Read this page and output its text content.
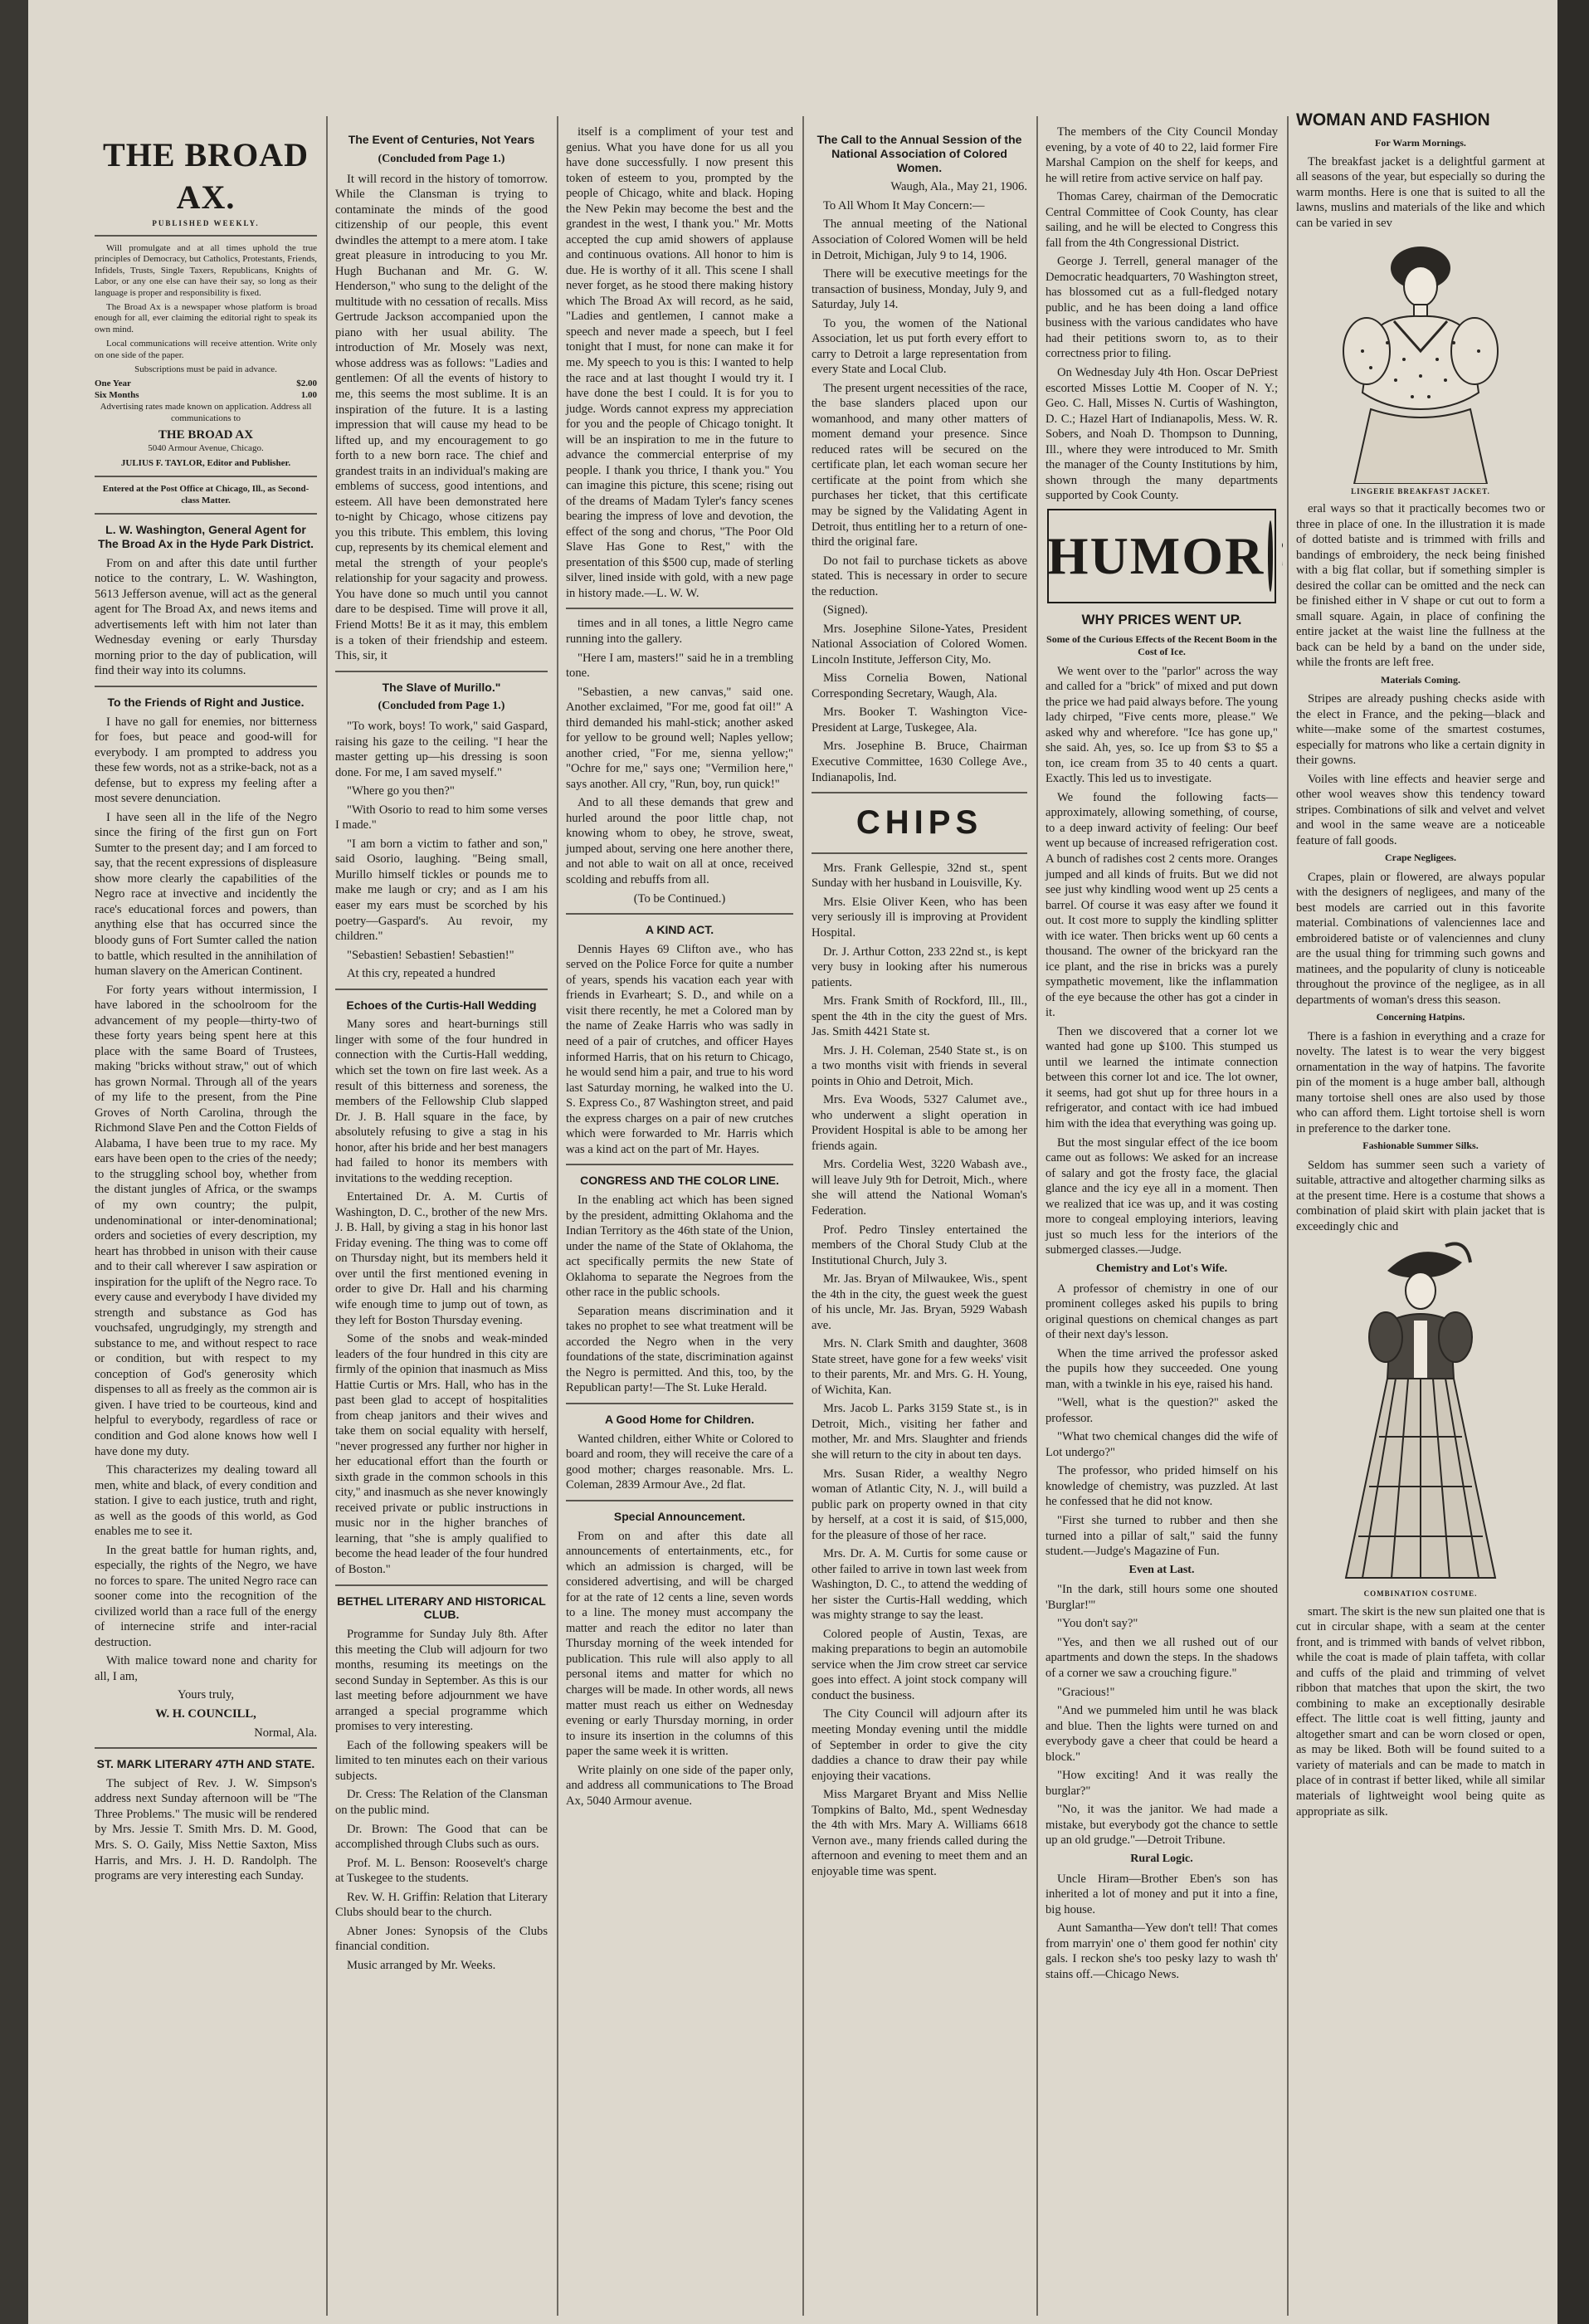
THE BROAD AX.
PUBLISHED WEEKLY.

Will promulgate and at all times uphold the true principles of Democracy, but Catholics, Protestants, Friends, Infidels, Trusts, Single Taxers, Republicans, Knights of Labor, or any one else can have their say, so long as their language is proper and responsibility is fixed.

The Broad Ax is a newspaper whose platform is broad enough for all, ever claiming the editorial right to speak its own mind.

Local communications will receive attention. Write only on one side of the paper.

Subscriptions must be paid in advance.

One Year	$2.00
Six Months	1.00

Advertising rates made known on application. Address all communications to

THE BROAD AX
5040 Armour Avenue, Chicago.
JULIUS F. TAYLOR, Editor and Publisher.
Entered at the Post Office at Chicago, Ill., as Second-class Matter.
L. W. Washington, General Agent for The Broad Ax in the Hyde Park District.

From on and after this date until further notice to the contrary, L. W. Washington, 5613 Jefferson avenue, will act as the general agent for The Broad Ax, and news items and advertisements left with him not later than Wednesday evening or early Thursday morning prior to the day of publication, will find their way into its columns.

To the Friends of Right and Justice.

I have no gall for enemies, nor bitterness for foes, but peace and good-will for everybody. I am prompted to address you these few words, not as a strike-back, not as a defense, but to express my feeling after a most severe denunciation.

I have seen all in the life of the Negro since the firing of the first gun on Fort Sumter to the present day; and I am forced to say, that the recent expressions of displeasure show more clearly the capabilities of the Negro race at invective and incidently the race's educational forces and powers, than anything else that has occurred since the bloody guns of Fort Sumter called the nation to battle, which resulted in the annihilation of human slavery on the American Continent.

For forty years without intermission, I have labored in the schoolroom for the advancement of my people—thirty-two of these forty years being spent here at this place with the same Board of Trustees, making "bricks without straw," out of which has grown Normal. Through all of the years of my life to the present, from the Pine Groves of North Carolina, through the Richmond Slave Pen and the Cotton Fields of Alabama, I have been true to my race. My ears have been open to the cries of the needy; to the struggling school boy, whether from the distant jungles of Africa, or the swamps of my own country; the pulpit, undenominational or inter-denominational; orders and societies of every description, my heart has throbbed in unison with their cause and to their call wherever I saw aspiration or inspiration for the uplift of the Negro race. To every cause and everybody I have divided my strength and substance as God has vouchsafed, ungrudgingly, my strength and substance to me, and without respect to race or condition, but with respect to my conception of God's generosity which dispenses to all as freely as the common air is given. I have tried to be courteous, kind and helpful to everybody, regardless of race or condition and God alone knows how well I have done my duty.

This characterizes my dealing toward all men, white and black, of every condition and station. I give to each justice, truth and right, as well as the goods of this world, as God enables me to see it.

In the great battle for human rights, and, especially, the rights of the Negro, we have no forces to spare. The united Negro race can sooner come into the recognition of the civilized world than a race full of the energy of internecine strife and inter-racial destruction.

With malice toward none and charity for all, I am,

Yours truly,

W. H. COUNCILL,

Normal, Ala.

ST. MARK LITERARY 47TH AND STATE.

The subject of Rev. J. W. Simpson's address next Sunday afternoon will be "The Three Problems." The music will be rendered by Mrs. Jessie T. Smith Mrs. D. M. Good, Mrs. S. O. Gaily, Miss Nettie Saxton, Miss Harris, and Mrs. J. H. D. Randolph. The programs are very interesting each Sunday.

The Event of Centuries, Not Years
(Concluded from Page 1.)

It will record in the history of tomorrow. While the Clansman is trying to contaminate the minds of the good citizenship of our people, this event dwindles the attempt to a mere atom. I take great pleasure in introducing to you Mr. Hugh Buchanan and Mr. G. W. Henderson," who sung to the delight of the multitude with no cessation of recalls. Miss Gertrude Jackson accompanied upon the piano with her usual ability. The introduction of Mr. Mosely was next, whose address was as follows: "Ladies and gentlemen: Of all the events of history to me, this seems the most sublime. It is an inspiration of the future. It is a lasting impression that will cause my head to be lifted up, and my encouragement to go forth to a new born race. The chief and grandest traits in an individual's making are emblems of success, good intentions, and esteem. All have been demonstrated here to-night by Chicago, whose citizens pay you this tribute. This emblem, this loving cup, represents by its chemical element and metal the strength of your people's relationship for your sagacity and prowess. You have done so much until you cannot dare to be despised. Time will prove it all, Friend Motts! Be it as it may, this emblem is a token of their friendship and esteem. This, sir, it

The Slave of Murillo."
(Concluded from Page 1.)

"To work, boys! To work," said Gaspard, raising his gaze to the ceiling. "I hear the master getting up—his dressing is soon done. For me, I am saved myself."

"Where go you then?"

"With Osorio to read to him some verses I made."

"I am born a victim to father and son," said Osorio, laughing. "Being small, Murillo himself tickles or pounds me to make me laugh or cry; and as I am his easer my ears must be scorched by his poetry—Gaspard's. Au revoir, my children."

"Sebastien! Sebastien! Sebastien!"

At this cry, repeated a hundred

Echoes of the Curtis-Hall Wedding

Many sores and heart-burnings still linger with some of the four hundred in connection with the Curtis-Hall wedding, which set the town on fire last week. As a result of this bitterness and soreness, the members of the Fellowship Club slapped Dr. J. B. Hall square in the face, by absolutely refusing to give a stag in his honor, after his bride and her best managers had failed to honor its members with invitations to the wedding reception.

Entertained Dr. A. M. Curtis of Washington, D. C., brother of the new Mrs. J. B. Hall, by giving a stag in his honor last Friday evening. The thing was to come off on Thursday night, but its members held it over until the first mentioned evening in order to give Dr. Hall and his charming wife enough time to jump out of town, as they left for Boston Thursday evening.

Some of the snobs and weak-minded leaders of the four hundred in this city are firmly of the opinion that inasmuch as Miss Hattie Curtis or Mrs. Hall, who has in the past been glad to accept of hospitalities from cheap janitors and their wives and take them on social equality with herself, "never progressed any further nor higher in her educational effort than the fourth or sixth grade in the common schools in this city," and inasmuch as she never knowingly received private or public instructions in music nor in the higher branches of learning, that "she is amply qualified to become the head leader of the four hundred of Boston."

BETHEL LITERARY AND HISTORICAL CLUB.

Programme for Sunday July 8th. After this meeting the Club will adjourn for two months, resuming its meetings on the second Sunday in September. As this is our last meeting before adjournment we have arranged a special programme which promises to very interesting.

Each of the following speakers will be limited to ten minutes each on their various subjects.

Dr. Cress: The Relation of the Clansman on the public mind.

Dr. Brown: The Good that can be accomplished through Clubs such as ours.

Prof. M. L. Benson: Roosevelt's charge at Tuskegee to the students.

Rev. W. H. Griffin: Relation that Literary Clubs should bear to the church.

Abner Jones: Synopsis of the Clubs financial condition.

Music arranged by Mr. Weeks.

itself is a compliment of your test and genius. What you have done for us all you have done successfully. I now present this token of esteem to you, prompted by the people of Chicago, white and black. Hoping the New Pekin may become the best and the grandest in the west, I thank you." Mr. Motts accepted the cup amid showers of applause and continuous ovations. All honor to him is due. He is worthy of it all. This scene I shall never forget, as he stood there making history which The Broad Ax will record, as he said, "Ladies and gentlemen, I cannot make a speech and never made a speech, but I feel tonight that I must, for none can make it for me. My speech to you is this: I wanted to help the race and at last thought I would try it. I have done the best I could. It is for you to judge. Words cannot express my appreciation for you and the people of Chicago tonight. It will be an inspiration to me in the future to advance the commercial enterprise of my people. I thank you thrice, I thank you." You can imagine this picture, this scene; rising out of the dreams of Madam Tyler's fancy scenes bearing the impress of love and devotion, the effect of the song and chorus, "The Poor Old Slave Has Gone to Rest," with the presentation of this $500 cup, made of sterling silver, lined inside with gold, with a new page in history made.—L. W. W.

times and in all tones, a little Negro came running into the gallery.

"Here I am, masters!" said he in a trembling tone.

"Sebastien, a new canvas," said one. Another exclaimed, "For me, good fat oil!" A third demanded his mahl-stick; another asked for yellow to be ground well; Naples yellow; another cried, "For me, sienna yellow;" "Ochre for me," says one; "Vermilion here," says another. All cry, "Run, boy, run quick!"

And to all these demands that grew and hurled around the poor little chap, not knowing whom to obey, he strove, sweat, jumped about, serving one here another there, and not able to wait on all at once, received scolding and rebuffs from all.

(To be Continued.)

A KIND ACT.

Dennis Hayes 69 Clifton ave., who has served on the Police Force for quite a number of years, spends his vacation each year with friends in Evarheart; S. D., and while on a visit there recently, he met a Colored man by the name of Zeake Harris who was sadly in need of a pair of crutches, and officer Hayes informed Harris, that on his return to Chicago, he would send him a pair, and true to his word last Saturday morning, he walked into the U. S. Express Co., 87 Washington street, and paid the express charges on a pair of new crutches which were forwarded to Mr. Harris which was a kind act on the part of Mr. Hayes.

CONGRESS AND THE COLOR LINE.

In the enabling act which has been signed by the president, admitting Oklahoma and the Indian Territory as the 46th state of the Union, under the name of the State of Oklahoma, the act specifically permits the new State of Oklahoma to separate the Negroes from the other race in the public schools.

Separation means discrimination and it takes no prophet to see what treatment will be accorded the Negro when in the very foundations of the state, discrimination against the Negro is permitted. And this, too, by the Republican party!—The St. Luke Herald.

A Good Home for Children.

Wanted children, either White or Colored to board and room, they will receive the care of a good mother; charges reasonable. Mrs. L. Coleman, 2839 Armour Ave., 2d flat.

Special Announcement.

From on and after this date all announcements of entertainments, etc., for which an admission is charged, will be considered advertising, and will be charged for at the rate of 12 cents a line, seven words to a line. The money must accompany the matter and reach the editor no later than Thursday morning of the week intended for publication. This rule will also apply to all personal items and matter for which no charges will be made. In other words, all news matter must reach us either on Wednesday evening or early Thursday morning, in order to insure its insertion in the columns of this paper the same week it is written.

Write plainly on one side of the paper only, and address all communications to The Broad Ax, 5040 Armour avenue.

The Call to the Annual Session of the National Association of Colored Women.

Waugh, Ala., May 21, 1906.

To All Whom It May Concern:—

The annual meeting of the National Association of Colored Women will be held in Detroit, Michigan, July 9 to 14, 1906.

There will be executive meetings for the transaction of business, Monday, July 9, and Saturday, July 14.

To you, the women of the National Association, let us put forth every effort to carry to Detroit a large representation from every State and Local Club.

The present urgent necessities of the race, the base slanders placed upon our womanhood, and many other matters of moment demand your presence. Since reduced rates will be secured on the certificate plan, let each woman secure her certificate at the point from which she purchases her ticket, that this certificate may be signed by the Validating Agent in Detroit, thus entitling her to a return of one-third the original fare.

Do not fail to purchase tickets as above stated. This is necessary in order to secure the reduction.

(Signed).

Mrs. Josephine Silone-Yates, President National Association of Colored Women. Lincoln Institute, Jefferson City, Mo.

Miss Cornelia Bowen, National Corresponding Secretary, Waugh, Ala.

Mrs. Booker T. Washington Vice-President at Large, Tuskegee, Ala.

Mrs. Josephine B. Bruce, Chairman Executive Committee, 1630 College Ave., Indianapolis, Ind.

CHIPS

Mrs. Frank Gellespie, 32nd st., spent Sunday with her husband in Louisville, Ky.

Mrs. Elsie Oliver Keen, who has been very seriously ill is improving at Provident Hospital.

Dr. J. Arthur Cotton, 233 22nd st., is kept very busy in looking after his numerous patients.

Mrs. Frank Smith of Rockford, Ill., Ill., spent the 4th in the city the guest of Mrs. Jas. Smith 4421 State st.

Mrs. J. H. Coleman, 2540 State st., is on a two months visit with friends in several points in Ohio and Detroit, Mich.

Mrs. Eva Woods, 5327 Calumet ave., who underwent a slight operation in Provident Hospital is able to be among her friends again.

Mrs. Cordelia West, 3220 Wabash ave., will leave July 9th for Detroit, Mich., where she will attend the National Woman's Federation.

Prof. Pedro Tinsley entertained the members of the Choral Study Club at the Institutional Church, July 3.

Mr. Jas. Bryan of Milwaukee, Wis., spent the 4th in the city, the guest week the guest of his uncle, Mr. Jas. Bryan, 5929 Wabash ave.

Mrs. N. Clark Smith and daughter, 3608 State street, have gone for a few weeks' visit to their parents, Mr. and Mrs. G. H. Young, of Wichita, Kan.

Mrs. Jacob L. Parks 3159 State st., is in Detroit, Mich., visiting her father and mother, Mr. and Mrs. Slaughter and friends she will return to the city in about ten days.

Mrs. Susan Rider, a wealthy Negro woman of Atlantic City, N. J., will build a public park on property owned in that city by herself, at a cost it is said, of $15,000, for the pleasure of those of her race.

Mrs. Dr. A. M. Curtis for some cause or other failed to arrive in town last week from Washington, D. C., to attend the wedding of her sister the Curtis-Hall wedding, which was mighty strange to say the least.

Colored people of Austin, Texas, are making preparations to begin an automobile service when the Jim crow street car service goes into effect. A joint stock company will conduct the business.

The City Council will adjourn after its meeting Monday evening until the middle of September in order to give the city daddies a chance to draw their pay while enjoying their vacations.

Miss Margaret Bryant and Miss Nellie Tompkins of Balto, Md., spent Wednesday the 4th with Mrs. Mary A. Williams 6618 Vernon ave., many friends called during the afternoon and evening to meet them and an enjoyable time was spent.

The members of the City Council Monday evening, by a vote of 40 to 22, laid former Fire Marshal Campion on the shelf for keeps, and he will retire from active service on half pay.

Thomas Carey, chairman of the Democratic Central Committee of Cook County, has clear sailing, and he will be elected to Congress this fall from the 4th Congressional District.

George J. Terrell, general manager of the Democratic headquarters, 70 Washington street, has blossomed cut as a full-fledged notary public, and he has been doing a land office business with the various candidates who have had their petitions sworn to, as to their correctness prior to filing.

On Wednesday July 4th Hon. Oscar DePriest escorted Misses Lottie M. Cooper of N. Y.; Geo. C. Hall, Misses N. Curtis of Washington, D. C.; Hazel Hart of Indianapolis, Mess. W. R. Sobers, and Noah D. Thompson to Dunning, Ill., where they were introduced to Mr. Smith the manager of the County Institutions by him, shown through the many departments supported by Cook County.

HUMOR
WHY PRICES WENT UP.
Some of the Curious Effects of the Recent Boom in the Cost of Ice.

We went over to the "parlor" across the way and called for a "brick" of mixed and put down the price we had paid always before. The young lady chirped, "Five cents more, please." We asked why and wherefore. "Ice has gone up," she said. Ah, yes, so. Ice up from $3 to $5 a ton, ice cream from 35 to 40 cents a quart. Exactly. This led us to investigate.

We found the following facts—approximately, allowing something, of course, to a deep inward activity of feeling: Our beef went up because of increased refrigeration cost. A bunch of radishes cost 2 cents more. Oranges jumped and all kinds of fruits. But we did not see just why kindling wood went up 25 cents a barrel. Of course it was easy after we found it out. It cost more to supply the kindling splitter with ice water. Then bricks went up 60 cents a thousand. The owner of the brickyard ran the ice plant, and the rise in bricks was a purely sympathetic movement, like the inflammation of the eye because the other has got a cinder in it.

Then we discovered that a corner lot we wanted had gone up $100. This stumped us until we learned the intimate connection between this corner lot and ice. The lot owner, it seems, had got shut up for three hours in a refrigerator, and contact with ice had imbued him with the idea that everything was going up.

But the most singular effect of the ice boom came out as follows: We asked for an increase of salary and got the frosty face, the glacial glance and the icy eye all in a moment. Then we realized that ice was up, and it was costing more to congeal employing interiors, leaving just so much less for the interiors of the submerged classes.—Judge.

Chemistry and Lot's Wife.

A professor of chemistry in one of our prominent colleges asked his pupils to bring original questions on chemical changes as part of their next day's lesson.

When the time arrived the professor asked the pupils how they succeeded. One young man, with a twinkle in his eye, raised his hand.

"Well, what is the question?" asked the professor.

"What two chemical changes did the wife of Lot undergo?"

The professor, who prided himself on his knowledge of chemistry, was puzzled. At last he confessed that he did not know.

"First she turned to rubber and then she turned into a pillar of salt," said the funny student.—Judge's Magazine of Fun.

Even at Last.

"In the dark, still hours some one shouted 'Burglar!'"

"You don't say?"

"Yes, and then we all rushed out of our apartments and down the steps. In the shadows of a corner we saw a crouching figure."

"Gracious!"

"And we pummeled him until he was black and blue. Then the lights were turned on and everybody gave a cheer that could be heard a block."

"How exciting! And it was really the burglar?"

"No, it was the janitor. We had made a mistake, but everybody got the chance to settle up an old grudge."—Detroit Tribune.

Rural Logic.

Uncle Hiram—Brother Eben's son has inherited a lot of money and put it into a fine, big house.

Aunt Samantha—Yew don't tell! That comes from marryin' one o' them good fer nothin' city gals. I reckon she's too pesky lazy to wash th' stains off.—Chicago News.

WOMAN AND FASHION
For Warm Mornings.

The breakfast jacket is a delightful garment at all seasons of the year, but especially so during the warm months. Here is one that is suited to all the lawns, muslins and materials of the like and which can be varied in sev

LINGERIE BREAKFAST JACKET.

eral ways so that it practically becomes two or three in place of one. In the illustration it is made of dotted batiste and is trimmed with frills and bandings of embroidery, the neck being finished with a big flat collar, but if something simpler is desired the collar can be omitted and the neck can be finished either in V shape or cut out to form a small square. Again, in place of confining the entire jacket at the waist line the fullness at the back can be held by a band on the under side, while the fronts are left free.

Materials Coming.

Stripes are already pushing checks aside with the elect in France, and the peking—black and white—make some of the smartest costumes, especially for matrons who like a certain dignity in their gowns.

Voiles with line effects and heavier serge and other wool weaves show this tendency toward stripes. Combinations of silk and velvet and velvet and wool in the same weave are a noticeable feature of fall goods.

Crape Negligees.

Crapes, plain or flowered, are always popular with the designers of negligees, and many of the best models are carried out in this favorite material. Combinations of valenciennes lace and embroidered batiste or of valenciennes and cluny are the usual thing for trimming such gowns and matinees, and the popularity of cluny is noticeable throughout the province of the negligee, as in all departments of woman's dress this season.

Concerning Hatpins.

There is a fashion in everything and a craze for novelty. The latest is to wear the very biggest ornamentation in the way of hatpins. The favorite pin of the moment is a huge amber ball, although many tortoise shell ones are also used by those who can afford them. Light tortoise shell is worn in preference to the darker tone.

Fashionable Summer Silks.

Seldom has summer seen such a variety of suitable, attractive and altogether charming silks as at the present time. Here is a costume that shows a combination of plaid skirt with plain jacket that is exceedingly chic and

COMBINATION COSTUME.

smart. The skirt is the new sun plaited one that is cut in circular shape, with a seam at the center front, and is trimmed with bands of velvet ribbon, while the coat is made of plain taffeta, with collar and cuffs of the plaid and trimming of velvet ribbon that matches that upon the skirt, the two combining to make an exceptionally desirable effect. The little coat is well fitting, jaunty and altogether smart and can be worn closed or open, as may be liked. Both will be found suited to a variety of materials and can be made to match in place of in contrast if better liked, while all similar materials of lightweight wool being quite as appropriate as silk.
